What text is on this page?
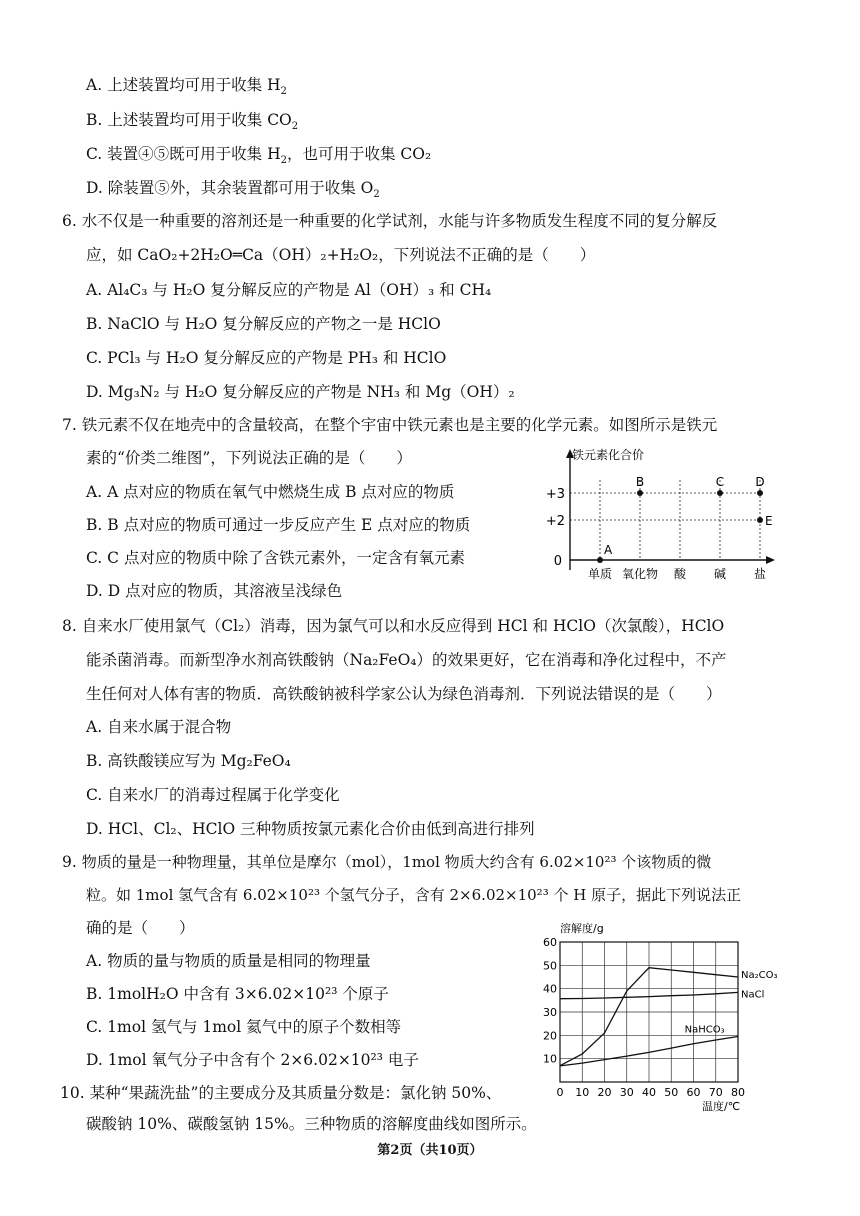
A. 上述装置均可用于收集 $H_2$
B. 上述装置均可用于收集 $CO_2$
C. 装置④⑤既可用于收集 $H_2$，也可用于收集 CO₂
D. 除装置⑤外，其余装置都可用于收集 $O_2$
6. 水不仅是一种重要的溶剂还是一种重要的化学试剂，水能与许多物质发生程度不同的复分解反
应，如 CaO₂+2H₂O═Ca（OH）₂+H₂O₂，下列说法不正确的是（　　）
A. Al₄C₃ 与 H₂O 复分解反应的产物是 Al（OH）₃ 和 CH₄
B. NaClO 与 H₂O 复分解反应的产物之一是 HClO
C. PCl₃ 与 H₂O 复分解反应的产物是 PH₃ 和 HClO
D. Mg₃N₂ 与 H₂O 复分解反应的产物是 NH₃ 和 Mg（OH）₂
7. 铁元素不仅在地壳中的含量较高，在整个宇宙中铁元素也是主要的化学元素。如图所示是铁元
素的“价类二维图”，下列说法正确的是（　　）
A. A 点对应的物质在氧气中燃烧生成 B 点对应的物质
B. B 点对应的物质可通过一步反应产生 E 点对应的物质
C. C 点对应的物质中除了含铁元素外，一定含有氧元素
D. D 点对应的物质，其溶液呈浅绿色
铁元素化合价
单质 氧化物 酸 碱 盐
+3
+2
0
A
B	C	D
E
8. 自来水厂使用氯气（Cl₂）消毒，因为氯气可以和水反应得到 HCl 和 HClO（次氯酸），HClO
能杀菌消毒。而新型净水剂高铁酸钠（Na₂FeO₄）的效果更好，它在消毒和净化过程中，不产
生任何对人体有害的物质．高铁酸钠被科学家公认为绿色消毒剂．下列说法错误的是（　　）
A. 自来水属于混合物
B. 高铁酸镁应写为 Mg₂FeO₄
C. 自来水厂的消毒过程属于化学变化
D. HCl、Cl₂、HClO 三种物质按氯元素化合价由低到高进行排列
9. 物质的量是一种物理量，其单位是摩尔（mol），1mol 物质大约含有 6.02×10²³ 个该物质的微
粒。如 1mol 氢气含有 6.02×10²³ 个氢气分子，含有 2×6.02×10²³ 个 H 原子，据此下列说法正
确的是（　　）
A. 物质的量与物质的质量是相同的物理量
B. 1molH₂O 中含有 3×6.02×10²³ 个原子
C. 1mol 氢气与 1mol 氦气中的原子个数相等
D. 1mol 氧气分子中含有个 2×6.02×10²³ 电子
溶解度/g
温度/℃
10
20
30
40
50
60
0 10 20 30 40 50 60 70 80
Na₂CO₃
NaCl
NaHCO₃
10. 某种“果蔬洗盐”的主要成分及其质量分数是：氯化钠 50%、
碳酸钠 10%、碳酸氢钠 15%。三种物质的溶解度曲线如图所示。
第2页（共10页）
